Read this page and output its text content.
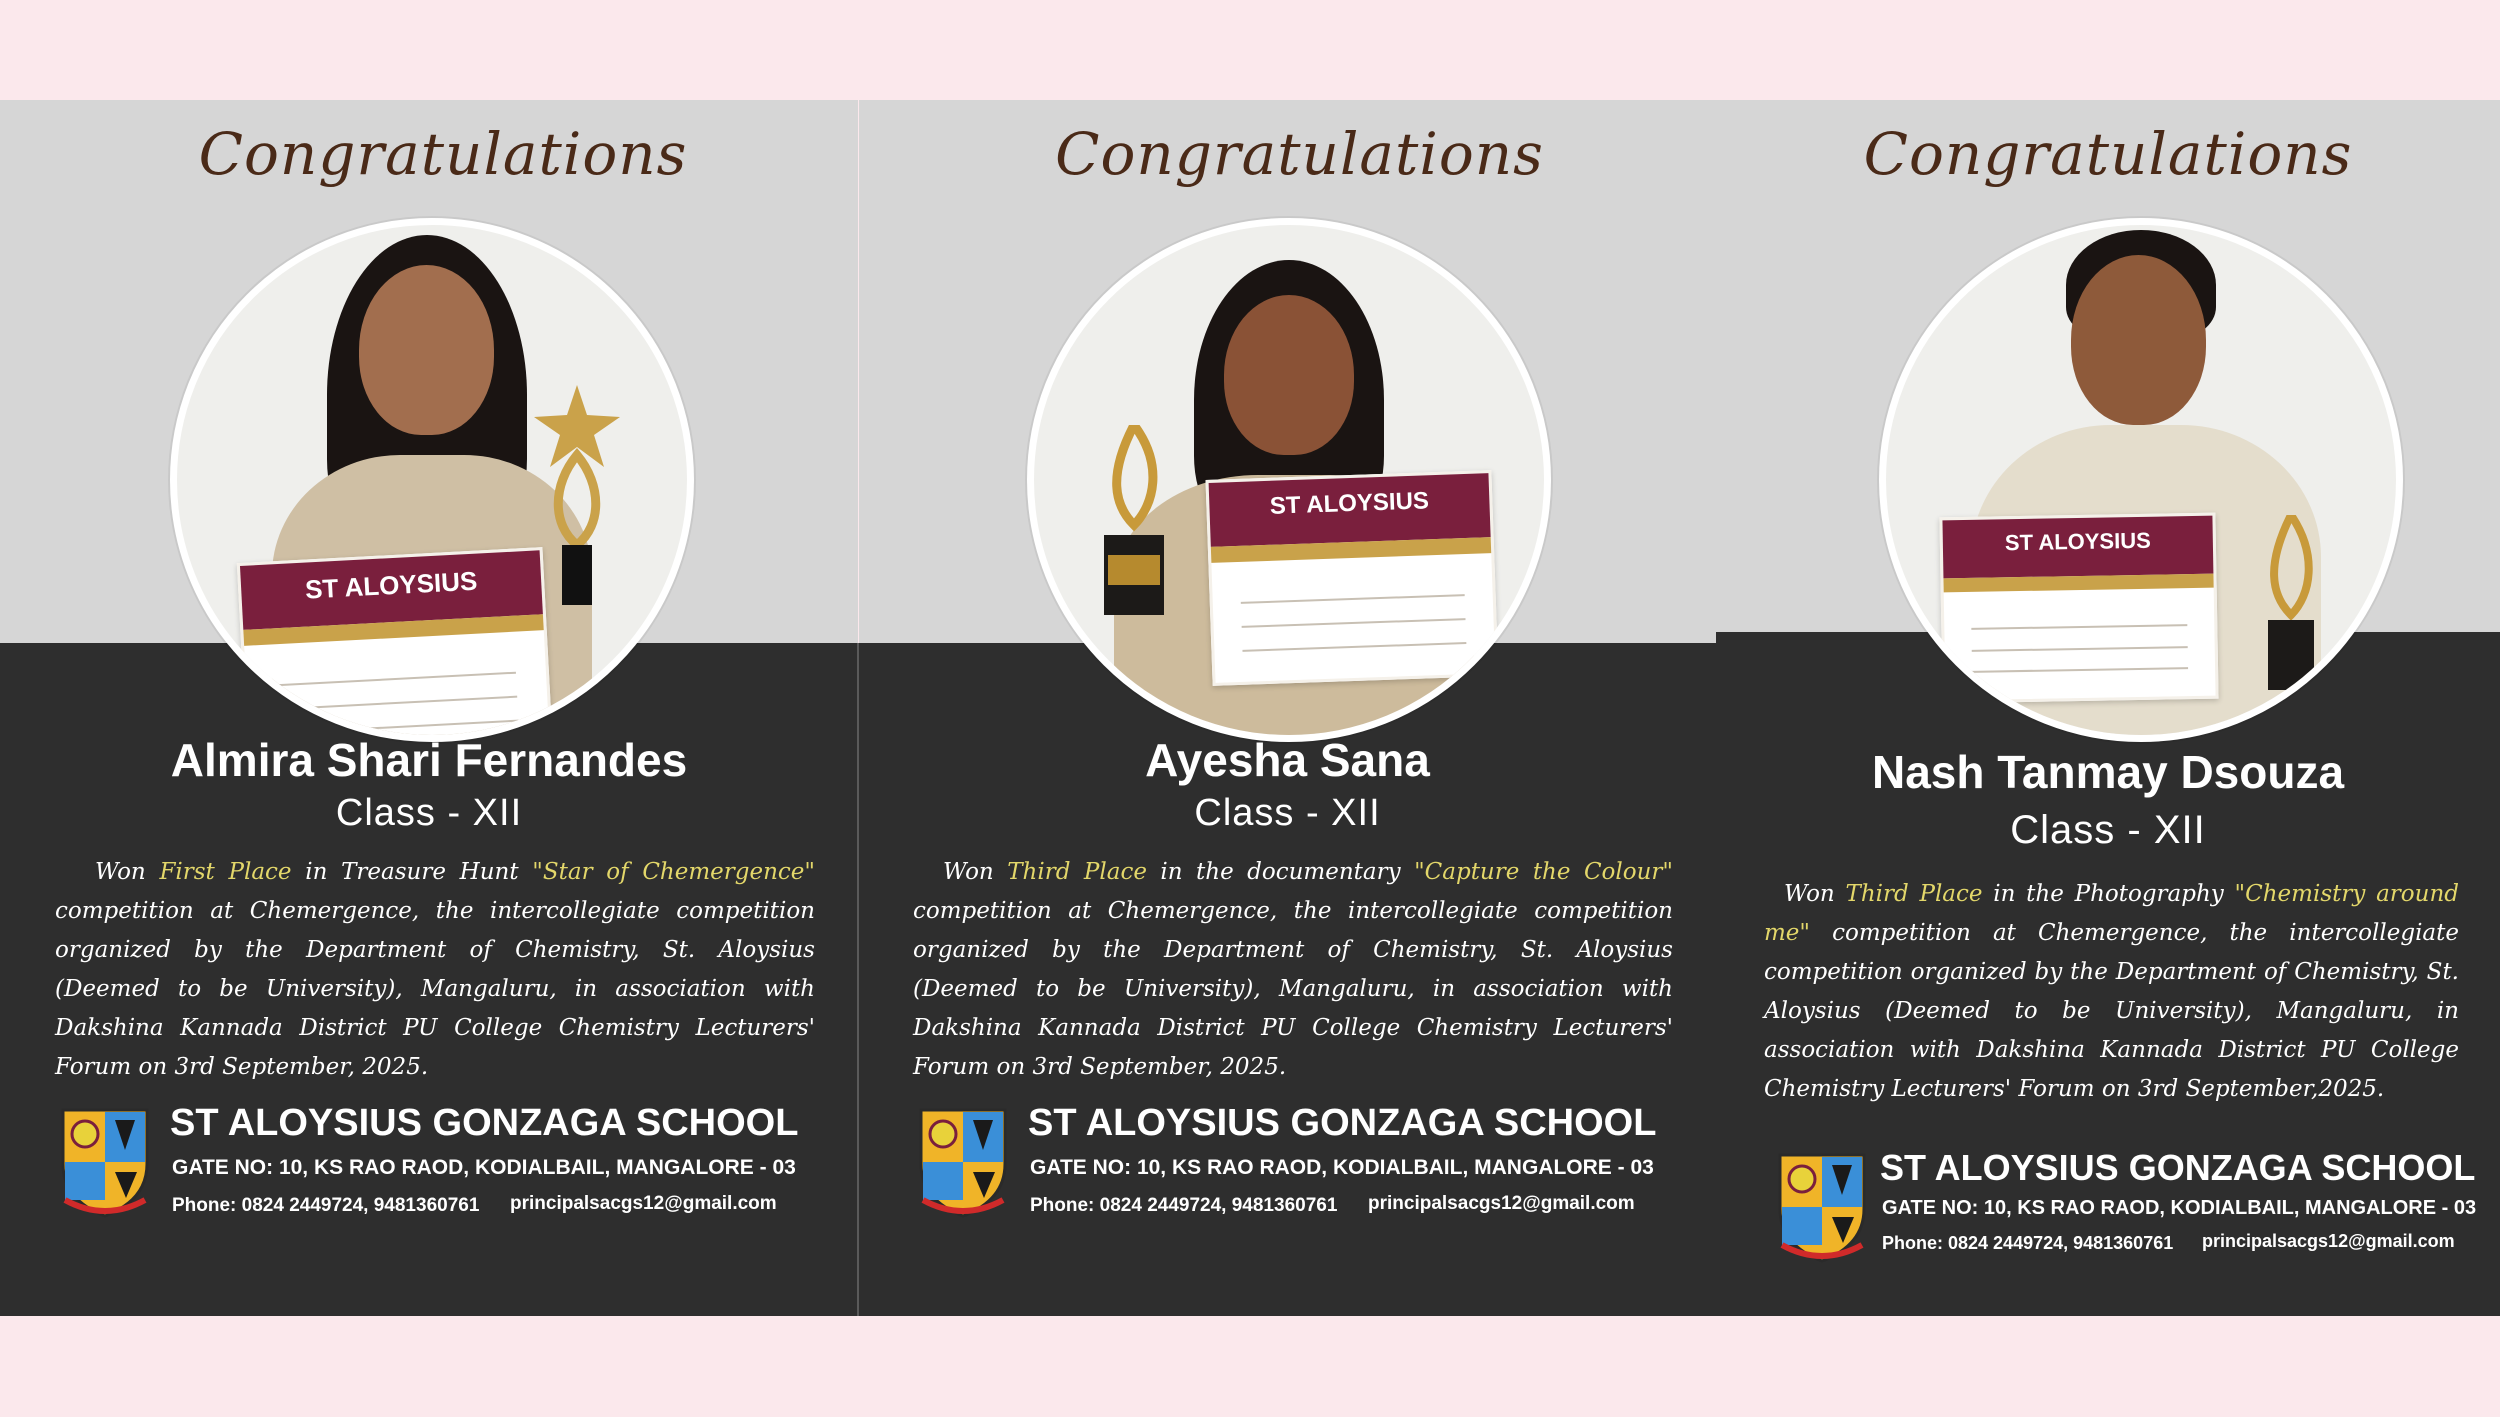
Congratulations
ST ALOYSIUS
Almira Shari Fernandes
Class - XII
Won First Place in Treasure Hunt "Star of Chemergence" competition at Chemergence, the intercollegiate competition organized by the Department of Chemistry, St. Aloysius (Deemed to be University), Mangaluru, in association with Dakshina Kannada District PU College Chemistry Lecturers' Forum on 3rd September, 2025.
ST ALOYSIUS GONZAGA SCHOOL
GATE NO: 10, KS RAO RAOD, KODIALBAIL, MANGALORE - 03
Phone: 0824 2449724, 9481360761 principalsacgs12@gmail.com
Congratulations
ST ALOYSIUS
Ayesha Sana
Class - XII
Won Third Place in the documentary "Capture the Colour" competition at Chemergence, the intercollegiate competition organized by the Department of Chemistry, St. Aloysius (Deemed to be University), Mangaluru, in association with Dakshina Kannada District PU College Chemistry Lecturers' Forum on 3rd September, 2025.
ST ALOYSIUS GONZAGA SCHOOL
GATE NO: 10, KS RAO RAOD, KODIALBAIL, MANGALORE - 03
Phone: 0824 2449724, 9481360761 principalsacgs12@gmail.com
Congratulations
ST ALOYSIUS
Nash Tanmay Dsouza
Class - XII
Won Third Place in the Photography "Chemistry around me" competition at Chemergence, the intercollegiate competition organized by the Department of Chemistry, St. Aloysius (Deemed to be University), Mangaluru, in association with Dakshina Kannada District PU College Chemistry Lecturers' Forum on 3rd September,2025.
ST ALOYSIUS GONZAGA SCHOOL
GATE NO: 10, KS RAO RAOD, KODIALBAIL, MANGALORE - 03
Phone: 0824 2449724, 9481360761 principalsacgs12@gmail.com
